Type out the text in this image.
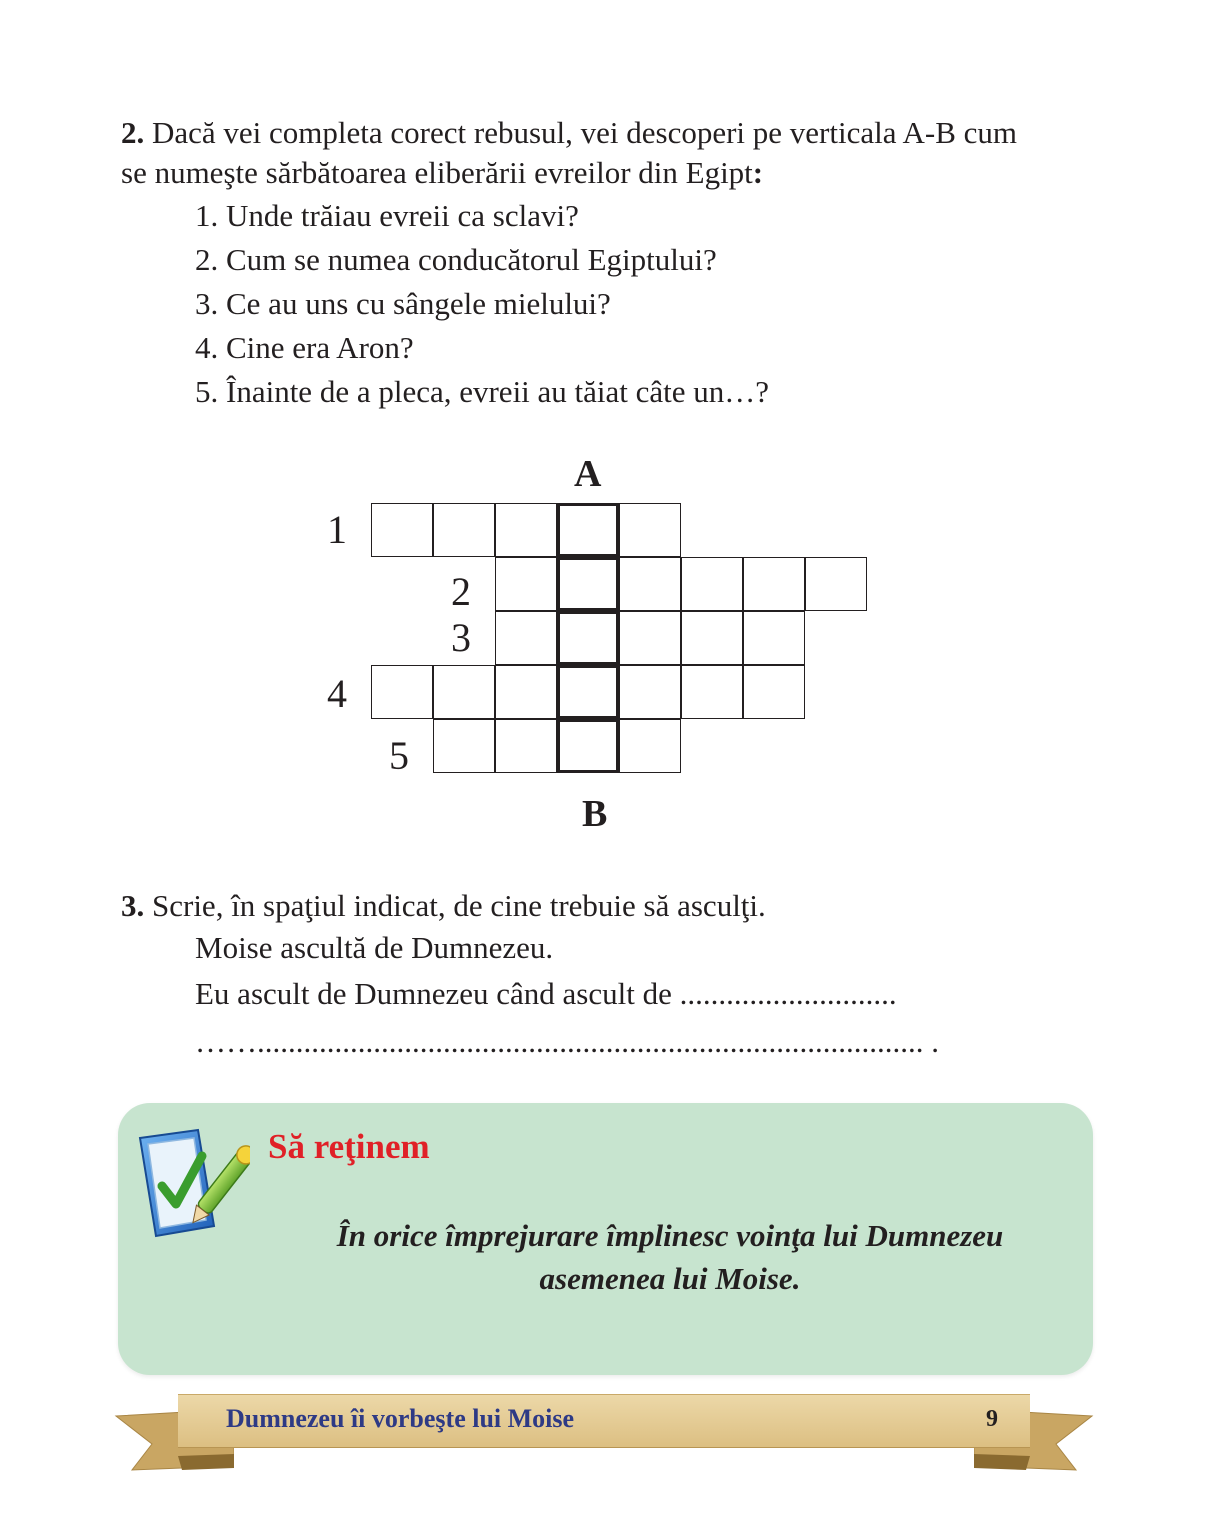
2. Dacă vei completa corect rebusul, vei descoperi pe verticala A-B cum
se numeşte sărbătoarea eliberării evreilor din Egipt:
1. Unde trăiau evreii ca sclavi?
2. Cum se numea conducătorul Egiptului?
3. Ce au uns cu sângele mielului?
4. Cine era Aron?
5. Înainte de a pleca, evreii au tăiat câte un…?
A
B
1
2
3
4
5
3. Scrie, în spaţiul indicat, de cine trebuie să asculţi.
Moise ascultă de Dumnezeu.
Eu ascult de Dumnezeu când ascult de ............................
……...................................................................................... .
Să reţinem
În orice împrejurare împlinesc voinţa lui Dumnezeu
asemenea lui Moise.
Dumnezeu îi vorbeşte lui Moise	9
